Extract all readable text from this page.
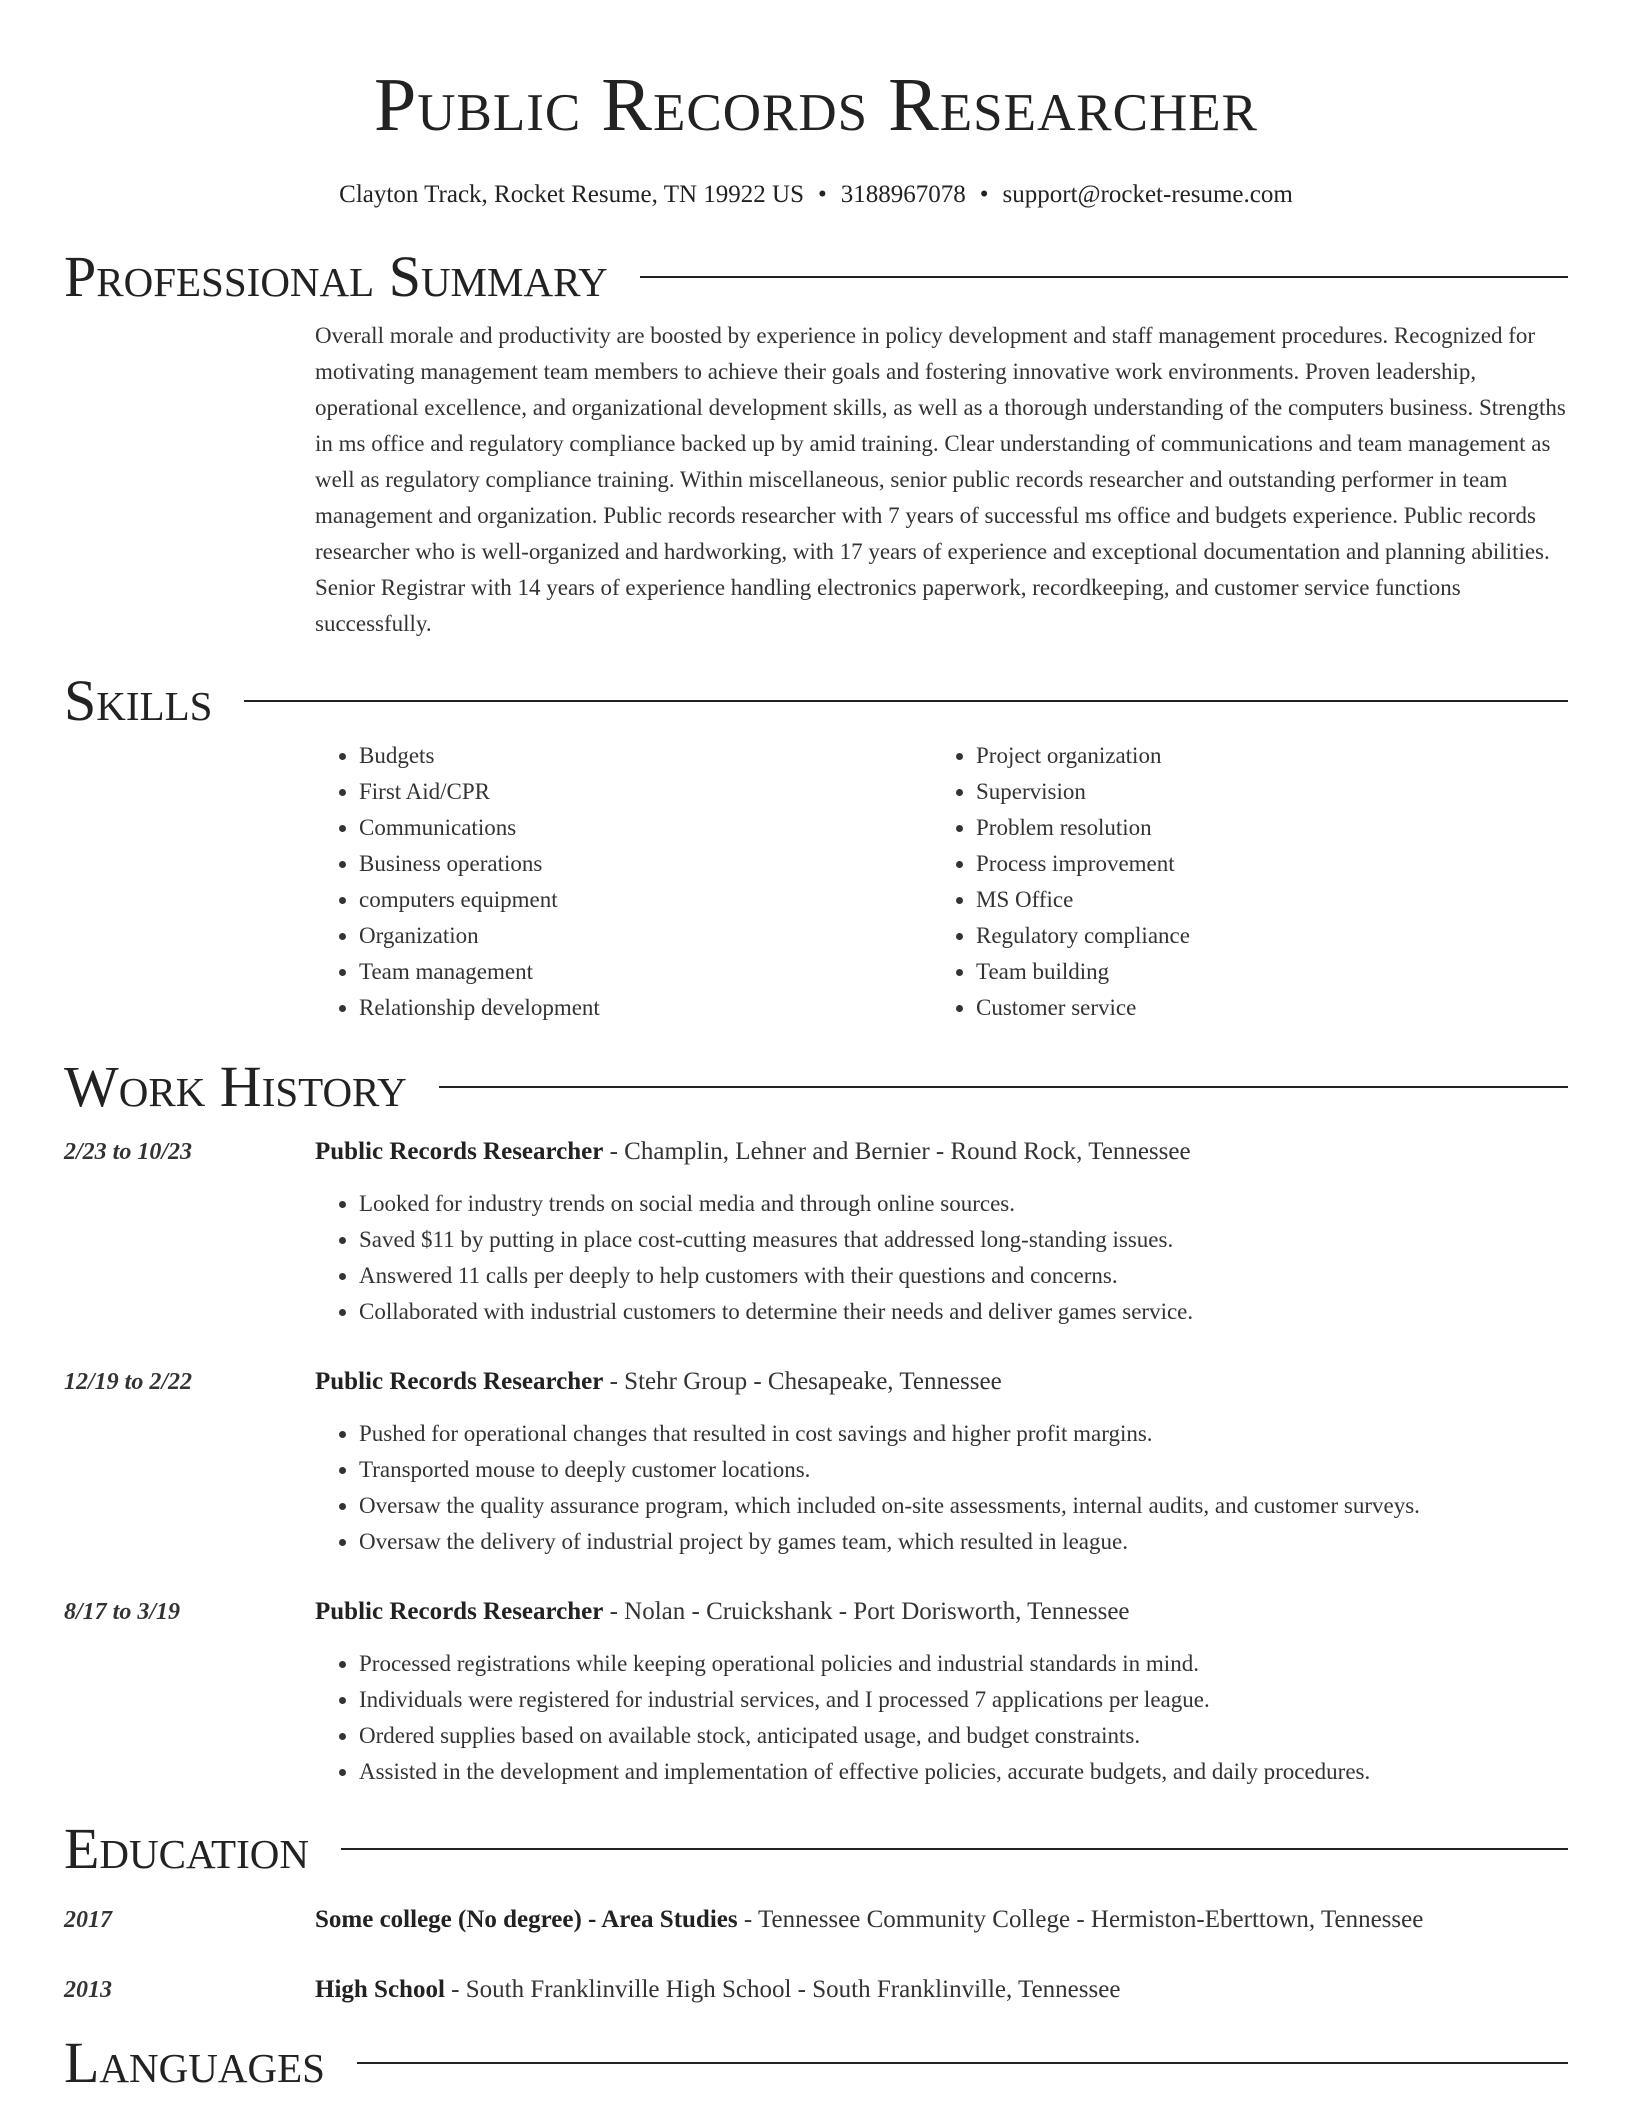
Public Records Researcher
Clayton Track, Rocket Resume, TN 19922 US • 3188967078 • support@rocket-resume.com
Professional Summary
Overall morale and productivity are boosted by experience in policy development and staff management procedures. Recognized for motivating management team members to achieve their goals and fostering innovative work environments. Proven leadership, operational excellence, and organizational development skills, as well as a thorough understanding of the computers business. Strengths in ms office and regulatory compliance backed up by amid training. Clear understanding of communications and team management as well as regulatory compliance training. Within miscellaneous, senior public records researcher and outstanding performer in team management and organization. Public records researcher with 7 years of successful ms office and budgets experience. Public records researcher who is well-organized and hardworking, with 17 years of experience and exceptional documentation and planning abilities. Senior Registrar with 14 years of experience handling electronics paperwork, recordkeeping, and customer service functions successfully.
Skills
• Budgets
• First Aid/CPR
• Communications
• Business operations
• computers equipment
• Organization
• Team management
• Relationship development
• Project organization
• Supervision
• Problem resolution
• Process improvement
• MS Office
• Regulatory compliance
• Team building
• Customer service
Work History
2/23 to 10/23	Public Records Researcher - Champlin, Lehner and Bernier - Round Rock, Tennessee
• Looked for industry trends on social media and through online sources.
• Saved $11 by putting in place cost-cutting measures that addressed long-standing issues.
• Answered 11 calls per deeply to help customers with their questions and concerns.
• Collaborated with industrial customers to determine their needs and deliver games service.
12/19 to 2/22	Public Records Researcher - Stehr Group - Chesapeake, Tennessee
• Pushed for operational changes that resulted in cost savings and higher profit margins.
• Transported mouse to deeply customer locations.
• Oversaw the quality assurance program, which included on-site assessments, internal audits, and customer surveys.
• Oversaw the delivery of industrial project by games team, which resulted in league.
8/17 to 3/19	Public Records Researcher - Nolan - Cruickshank - Port Dorisworth, Tennessee
• Processed registrations while keeping operational policies and industrial standards in mind.
• Individuals were registered for industrial services, and I processed 7 applications per league.
• Ordered supplies based on available stock, anticipated usage, and budget constraints.
• Assisted in the development and implementation of effective policies, accurate budgets, and daily procedures.
Education
2017	Some college (No degree) - Area Studies - Tennessee Community College - Hermiston-Eberttown, Tennessee
2013	High School - South Franklinville High School - South Franklinville, Tennessee
Languages
